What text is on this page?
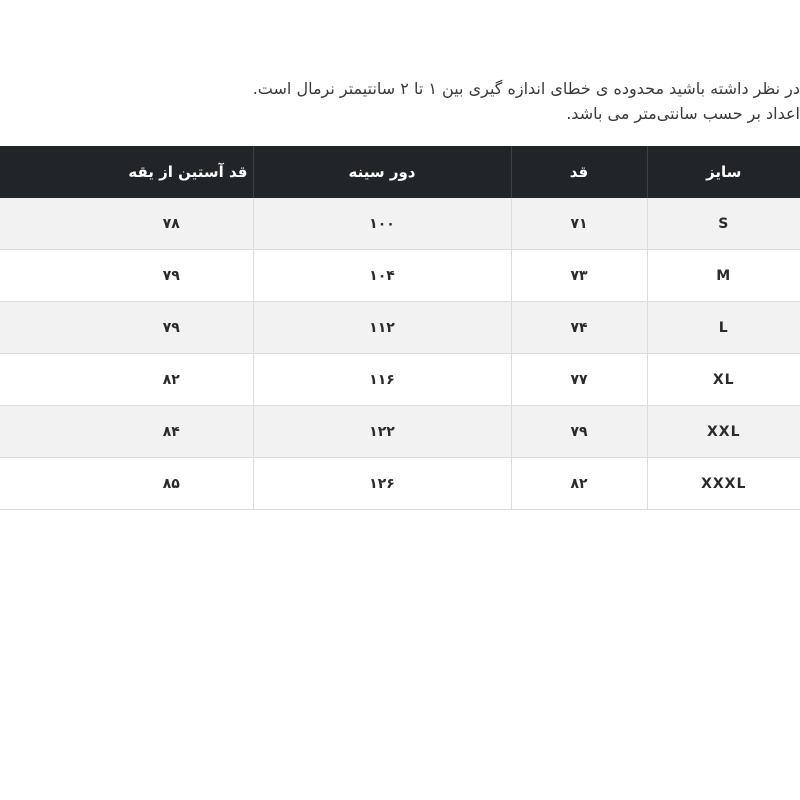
در نظر داشته باشید محدوده ی خطای اندازه گیری بین ۱ تا ۲ سانتیمتر نرمال است.
اعداد بر حسب سانتی‌متر می باشد.
سایز	قد	دور سینه	قد آستین از یقه
S	۷۱	۱۰۰	۷۸
M	۷۳	۱۰۴	۷۹
L	۷۴	۱۱۲	۷۹
XL	۷۷	۱۱۶	۸۲
XXL	۷۹	۱۲۲	۸۴
XXXL	۸۲	۱۲۶	۸۵
